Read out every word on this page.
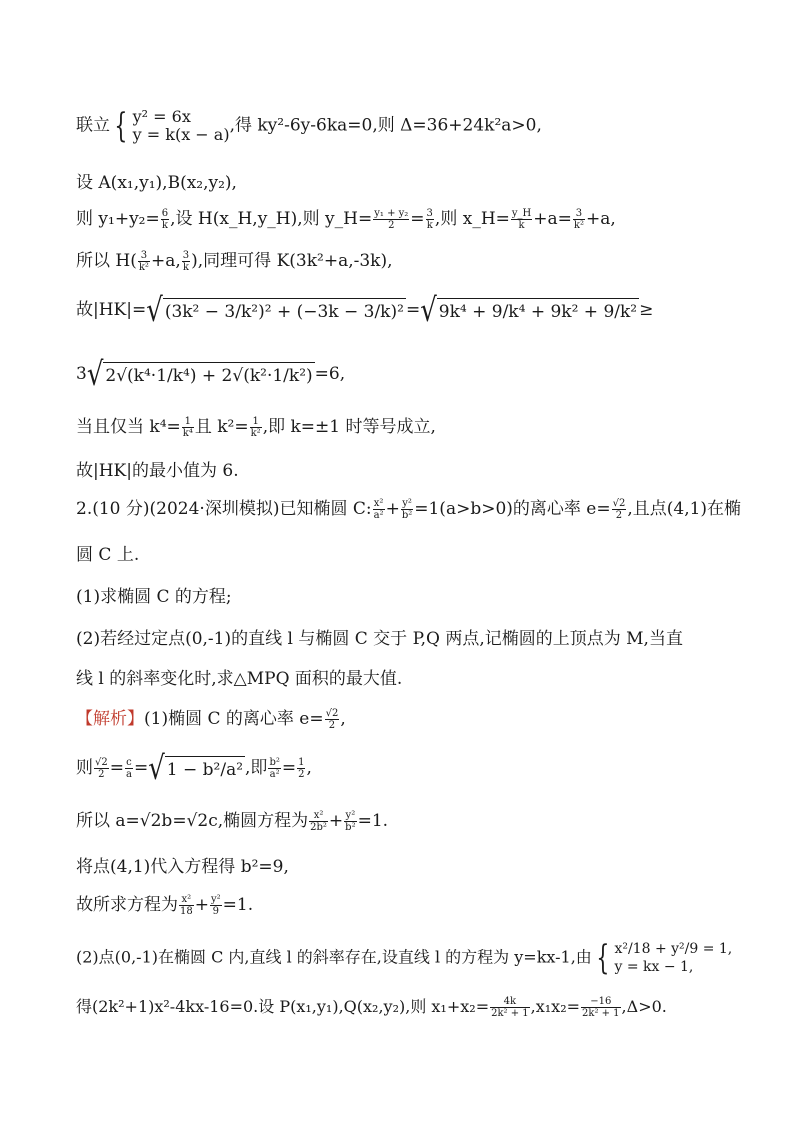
联立 { y² = 6x
y = k(x − a) ,得 ky²-6y-6ka=0,则 Δ=36+24k²a>0,
设 A(x₁,y₁),B(x₂,y₂),
则 $y_1+y_2= \frac{6}{k}$ ,设 H(x_H,y_H),则 y_H= $\frac{\text{y₁ + y₂}}{2} = \frac{3}{k}$ ,则 x_H= $\frac{y\_H}{k} +a= \frac{3}{\text{k²}} +a$,
所以 $H( \frac{3}{\text{k²}} +a$, $\frac{3}{k}$ ),同理可得 K(3k²+a,-3k),
故|HK|=√ (3k² − 3/k²)² + (−3k − 3/k)² =√ 9k⁴ + 9/k⁴ + 9k² + 9/k² ≥
3√ 2√(k⁴·1/k⁴) + 2√(k²·1/k²) =6,
当且仅当 $k^4= \frac{1}{\text{k⁴}}$ 且 $k^2= \frac{1}{\text{k²}}$ ,即 k=±1 时等号成立,
故|HK|的最小值为 6.
2.(10 分)(2024·深圳模拟)已知椭圆 C: $\frac{\text{x²}}{\text{a²}} + \frac{\text{y²}}{\text{b²}} =1(a>b>0)$的离心率 $e= \frac{√2}{2}$ ,且点(4,1)在椭
圆 C 上.
(1)求椭圆 C 的方程;
(2)若经过定点(0,-1)的直线 l 与椭圆 C 交于 P,Q 两点,记椭圆的上顶点为 M,当直
线 l 的斜率变化时,求△MPQ 面积的最大值.
【解析】(1)椭圆 C 的离心率 $e= \frac{√2}{2}$ ,
则 $\frac{√2}{2} = \frac{c}{a}$ =√ 1 − b²/a² ,即 $\frac{\text{b²}}{\text{a²}} = \frac{1}{2}$ ,
所以 a=√2b=√2c,椭圆方程为 $\frac{\text{x²}}{\text{2b²}} + \frac{\text{y²}}{\text{b²}} =1$.
将点(4,1)代入方程得 b²=9,
故所求方程为 $\frac{\text{x²}}{18} + \frac{\text{y²}}{9} =1$.
(2)点(0,-1)在椭圆 C 内,直线 l 的斜率存在,设直线 l 的方程为 y=kx-1,由 { x²/18 + y²/9 = 1,
y = kx − 1,
得(2k²+1)x²-4kx-16=0.设 P(x₁,y₁),Q(x₂,y₂),则 $x_1+x_2= \frac{4k}{\text{2k² + 1}} ,x_1x_2= \frac{-16}{\text{2k² + 1}} ,\Delta>0$.
